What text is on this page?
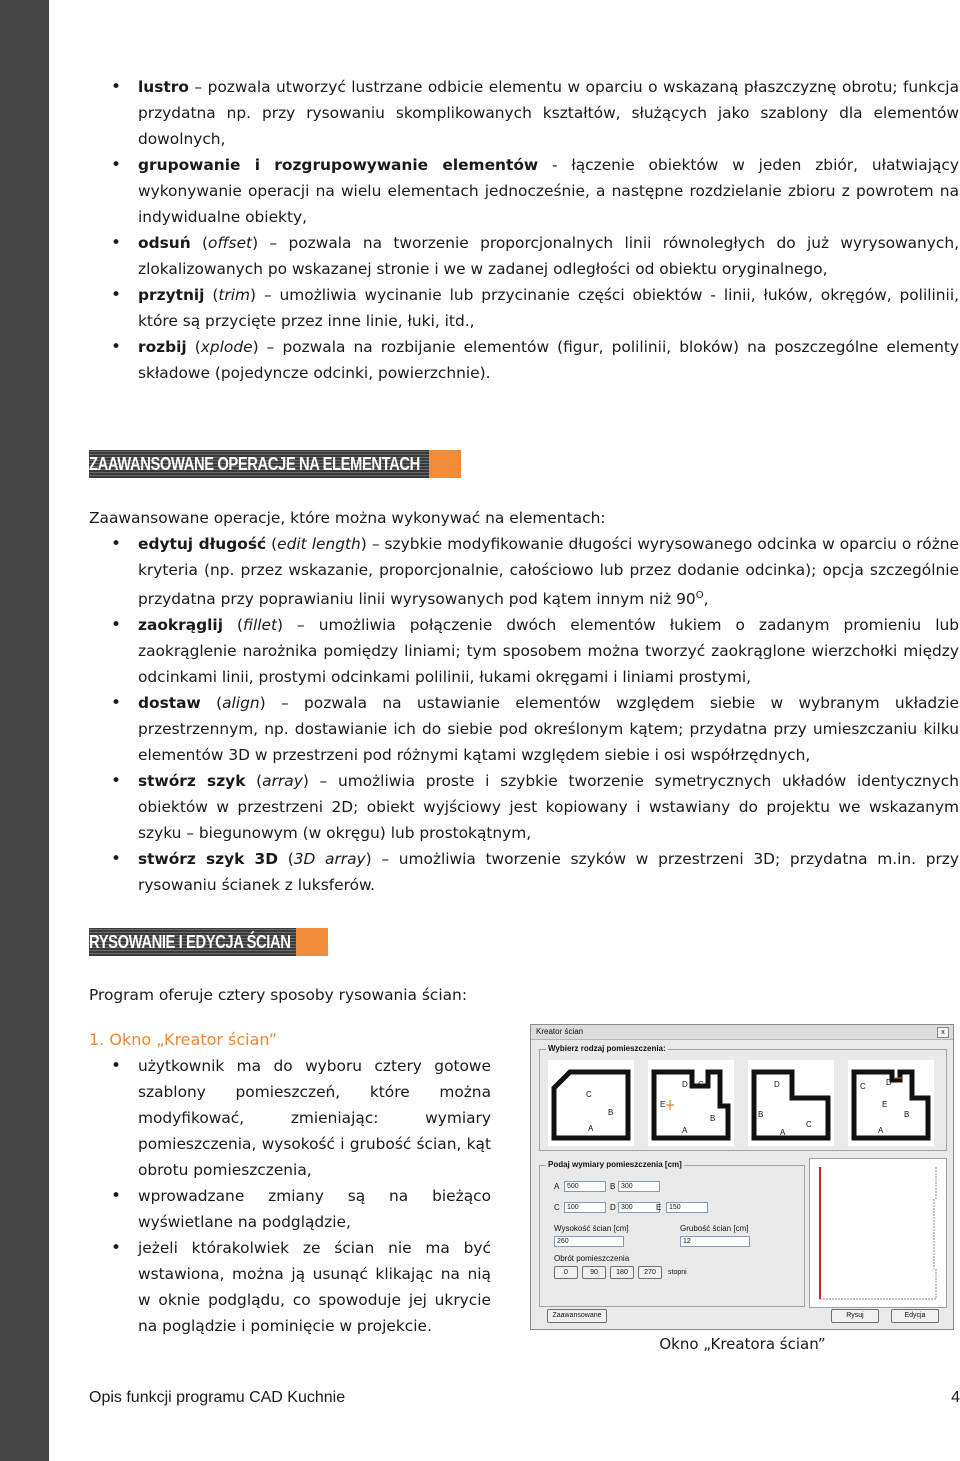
• lustro – pozwala utworzyć lustrzane odbicie elementu w oparciu o wskazaną płaszczyznę obrotu; funkcja przydatna np. przy rysowaniu skomplikowanych kształtów, służących jako szablony dla elementów dowolnych,
• grupowanie i rozgrupowywanie elementów - łączenie obiektów w jeden zbiór, ułatwiający wykonywanie operacji na wielu elementach jednocześnie, a następne rozdzielanie zbioru z powrotem na indywidualne obiekty,
• odsuń (offset) – pozwala na tworzenie proporcjonalnych linii równoległych do już wyrysowanych, zlokalizowanych po wskazanej stronie i we w zadanej odległości od obiektu oryginalnego,
• przytnij (trim) – umożliwia wycinanie lub przycinanie części obiektów - linii, łuków, okręgów, polilinii, które są przycięte przez inne linie, łuki, itd.,
• rozbij (xplode) – pozwala na rozbijanie elementów (figur, polilinii, bloków) na poszczególne elementy składowe (pojedyncze odcinki, powierzchnie).
ZAAWANSOWANE OPERACJE NA ELEMENTACH
Zaawansowane operacje, które można wykonywać na elementach:
• edytuj długość (edit length) – szybkie modyfikowanie długości wyrysowanego odcinka w oparciu o różne kryteria (np. przez wskazanie, proporcjonalnie, całościowo lub przez dodanie odcinka); opcja szczególnie przydatna przy poprawianiu linii wyrysowanych pod kątem innym niż $90^O$,
• zaokrąglij (fillet) – umożliwia połączenie dwóch elementów łukiem o zadanym promieniu lub zaokrąglenie narożnika pomiędzy liniami; tym sposobem można tworzyć zaokrąglone wierzchołki między odcinkami linii, prostymi odcinkami polilinii, łukami okręgami i liniami prostymi,
• dostaw (align) – pozwala na ustawianie elementów względem siebie w wybranym układzie przestrzennym, np. dostawianie ich do siebie pod określonym kątem; przydatna przy umieszczaniu kilku elementów 3D w przestrzeni pod różnymi kątami względem siebie i osi współrzędnych,
• stwórz szyk (array) – umożliwia proste i szybkie tworzenie symetrycznych układów identycznych obiektów w przestrzeni 2D; obiekt wyjściowy jest kopiowany i wstawiany do projektu we wskazanym szyku – biegunowym (w okręgu) lub prostokątnym,
• stwórz szyk 3D (3D array) – umożliwia tworzenie szyków w przestrzeni 3D; przydatna m.in. przy rysowaniu ścianek z luksferów.
RYSOWANIE I EDYCJA ŚCIAN
Program oferuje cztery sposoby rysowania ścian:
1. Okno „Kreator ścian”
• użytkownik ma do wyboru cztery gotowe szablony pomieszczeń, które można modyfikować, zmieniając: wymiary pomieszczenia, wysokość i grubość ścian, kąt obrotu pomieszczenia,
• wprowadzane zmiany są na bieżąco wyświetlane na podglądzie,
• jeżeli którakolwiek ze ścian nie ma być wstawiona, można ją usunąć klikając na nią w oknie podglądu, co spowoduje jej ukrycie na poglądzie i pominięcie w projekcie.
Kreator ścian	x
Wybierz rodzaj pomieszczenia:
C
B
A
D C
E
B
A
D
B
C
A
C	D
E
B
A
Podaj wymiary pomieszczenia [cm]
A	500	B 300
C	100	D 300	E	150
Wysokość ścian [cm]
260
Grubość ścian [cm]
12
Obrót pomieszczenia
0	90	180	270	stopni
Zaawansowane	Rysuj	Edycja
Okno „Kreatora ścian”
Opis funkcji programu CAD Kuchnie	4
